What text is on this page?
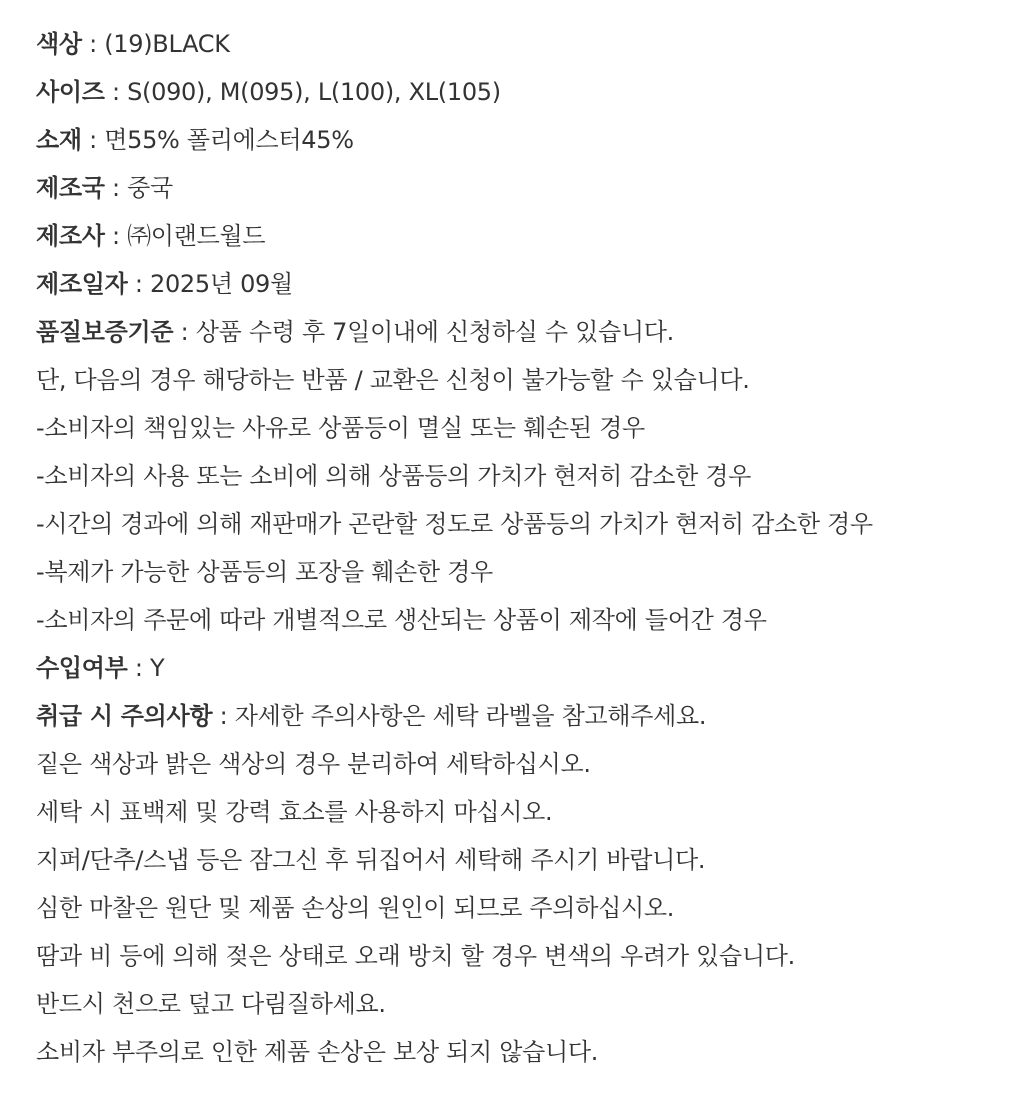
색상 : (19)BLACK
사이즈 : S(090), M(095), L(100), XL(105)
소재 : 면55% 폴리에스터45%
제조국 : 중국
제조사 : ㈜이랜드월드
제조일자 : 2025년 09월
품질보증기준 : 상품 수령 후 7일이내에 신청하실 수 있습니다.
단, 다음의 경우 해당하는 반품 / 교환은 신청이 불가능할 수 있습니다.
-소비자의 책임있는 사유로 상품등이 멸실 또는 훼손된 경우
-소비자의 사용 또는 소비에 의해 상품등의 가치가 현저히 감소한 경우
-시간의 경과에 의해 재판매가 곤란할 정도로 상품등의 가치가 현저히 감소한 경우
-복제가 가능한 상품등의 포장을 훼손한 경우
-소비자의 주문에 따라 개별적으로 생산되는 상품이 제작에 들어간 경우
수입여부 : Y
취급 시 주의사항 : 자세한 주의사항은 세탁 라벨을 참고해주세요.
짙은 색상과 밝은 색상의 경우 분리하여 세탁하십시오.
세탁 시 표백제 및 강력 효소를 사용하지 마십시오.
지퍼/단추/스냅 등은 잠그신 후 뒤집어서 세탁해 주시기 바랍니다.
심한 마찰은 원단 및 제품 손상의 원인이 되므로 주의하십시오.
땀과 비 등에 의해 젖은 상태로 오래 방치 할 경우 변색의 우려가 있습니다.
반드시 천으로 덮고 다림질하세요.
소비자 부주의로 인한 제품 손상은 보상 되지 않습니다.
